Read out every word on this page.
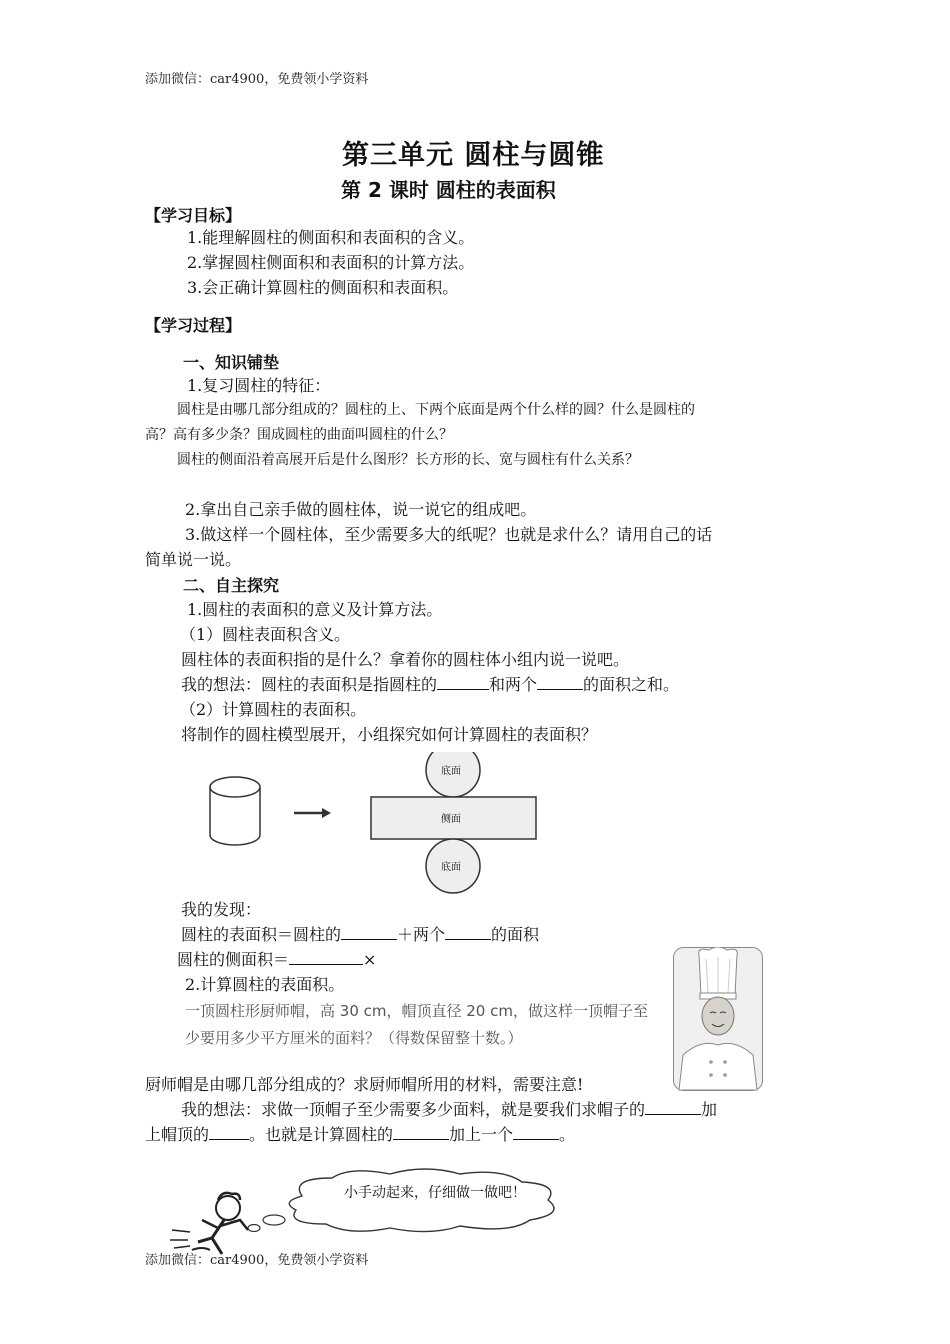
添加微信：car4900，免费领小学资料
第三单元 圆柱与圆锥
第 2 课时 圆柱的表面积
【学习目标】
1.能理解圆柱的侧面积和表面积的含义。
2.掌握圆柱侧面积和表面积的计算方法。
3.会正确计算圆柱的侧面积和表面积。
【学习过程】
一、知识铺垫
1.复习圆柱的特征：
圆柱是由哪几部分组成的？圆柱的上、下两个底面是两个什么样的圆？什么是圆柱的
高？高有多少条？围成圆柱的曲面叫圆柱的什么？
圆柱的侧面沿着高展开后是什么图形？长方形的长、宽与圆柱有什么关系？
2.拿出自己亲手做的圆柱体，说一说它的组成吧。
3.做这样一个圆柱体，至少需要多大的纸呢？也就是求什么？请用自己的话
简单说一说。
二、自主探究
1.圆柱的表面积的意义及计算方法。
（1）圆柱表面积含义。
圆柱体的表面积指的是什么？拿着你的圆柱体小组内说一说吧。
我的想法：圆柱的表面积是指圆柱的	和两个	的面积之和。
（2）计算圆柱的表面积。
将制作的圆柱模型展开，小组探究如何计算圆柱的表面积？
底面
侧面
底面
我的发现：
圆柱的表面积＝圆柱的	＋两个	的面积
圆柱的侧面积＝	×
2.计算圆柱的表面积。
一顶圆柱形厨师帽，高 30 cm，帽顶直径 20 cm，做这样一顶帽子至
少要用多少平方厘米的面料？（得数保留整十数。）
厨师帽是由哪几部分组成的？求厨师帽所用的材料，需要注意!
我的想法：求做一顶帽子至少需要多少面料，就是要我们求帽子的	加
上帽顶的	。也就是计算圆柱的	加上一个	。
小手动起来，仔细做一做吧！
添加微信：car4900，免费领小学资料
